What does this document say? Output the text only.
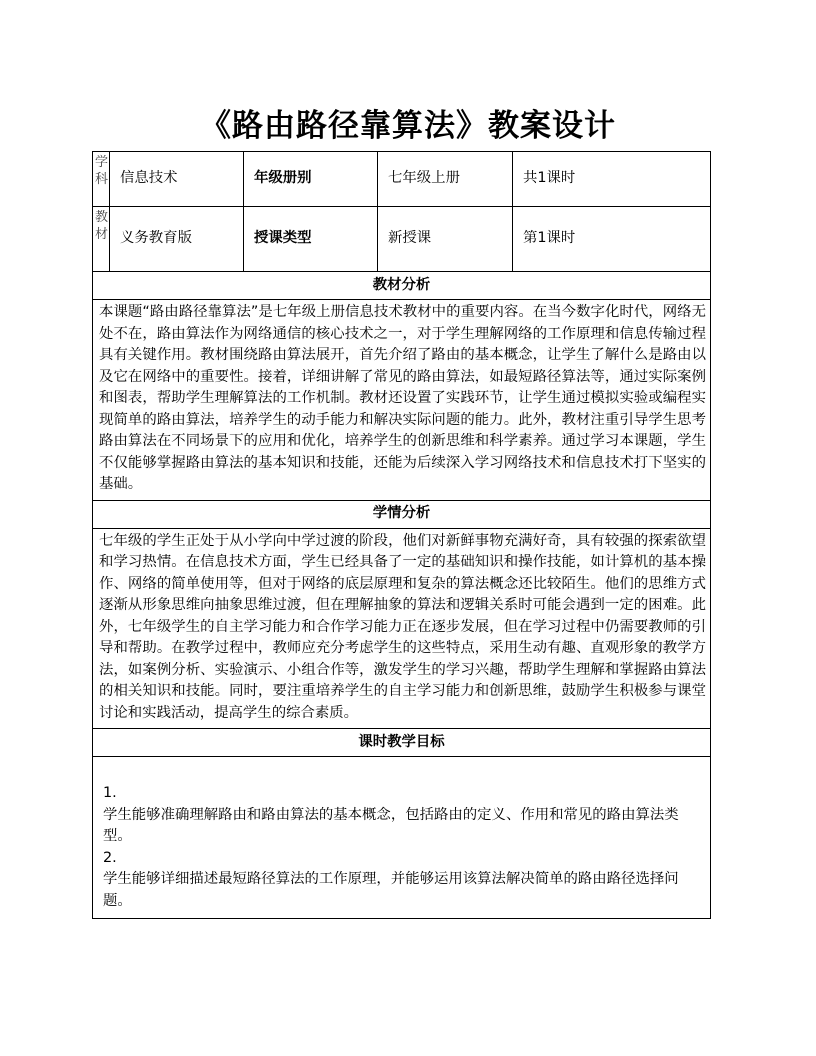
《路由路径靠算法》教案设计
学科	信息技术	年级册别	七年级上册	共1课时

教材	义务教育版	授课类型	新授课	第1课时
教材分析				
本课题“路由路径靠算法”是七年级上册信息技术教材中的重要内容。在当今数字化时代，网络无处不在，路由算法作为网络通信的核心技术之一，对于学生理解网络的工作原理和信息传输过程具有关键作用。教材围绕路由算法展开，首先介绍了路由的基本概念，让学生了解什么是路由以及它在网络中的重要性。接着，详细讲解了常见的路由算法，如最短路径算法等，通过实际案例和图表，帮助学生理解算法的工作机制。教材还设置了实践环节，让学生通过模拟实验或编程实现简单的路由算法，培养学生的动手能力和解决实际问题的能力。此外，教材注重引导学生思考路由算法在不同场景下的应用和优化，培养学生的创新思维和科学素养。通过学习本课题，学生不仅能够掌握路由算法的基本知识和技能，还能为后续深入学习网络技术和信息技术打下坚实的基础。				
学情分析				
七年级的学生正处于从小学向中学过渡的阶段，他们对新鲜事物充满好奇，具有较强的探索欲望和学习热情。在信息技术方面，学生已经具备了一定的基础知识和操作技能，如计算机的基本操作、网络的简单使用等，但对于网络的底层原理和复杂的算法概念还比较陌生。他们的思维方式逐渐从形象思维向抽象思维过渡，但在理解抽象的算法和逻辑关系时可能会遇到一定的困难。此外，七年级学生的自主学习能力和合作学习能力正在逐步发展，但在学习过程中仍需要教师的引导和帮助。在教学过程中，教师应充分考虑学生的这些特点，采用生动有趣、直观形象的教学方法，如案例分析、实验演示、小组合作等，激发学生的学习兴趣，帮助学生理解和掌握路由算法的相关知识和技能。同时，要注重培养学生的自主学习能力和创新思维，鼓励学生积极参与课堂讨论和实践活动，提高学生的综合素质。				
课时教学目标				

1.
学生能够准确理解路由和路由算法的基本概念，包括路由的定义、作用和常见的路由算法类型。
2.
学生能够详细描述最短路径算法的工作原理，并能够运用该算法解决简单的路由路径选择问题。				
